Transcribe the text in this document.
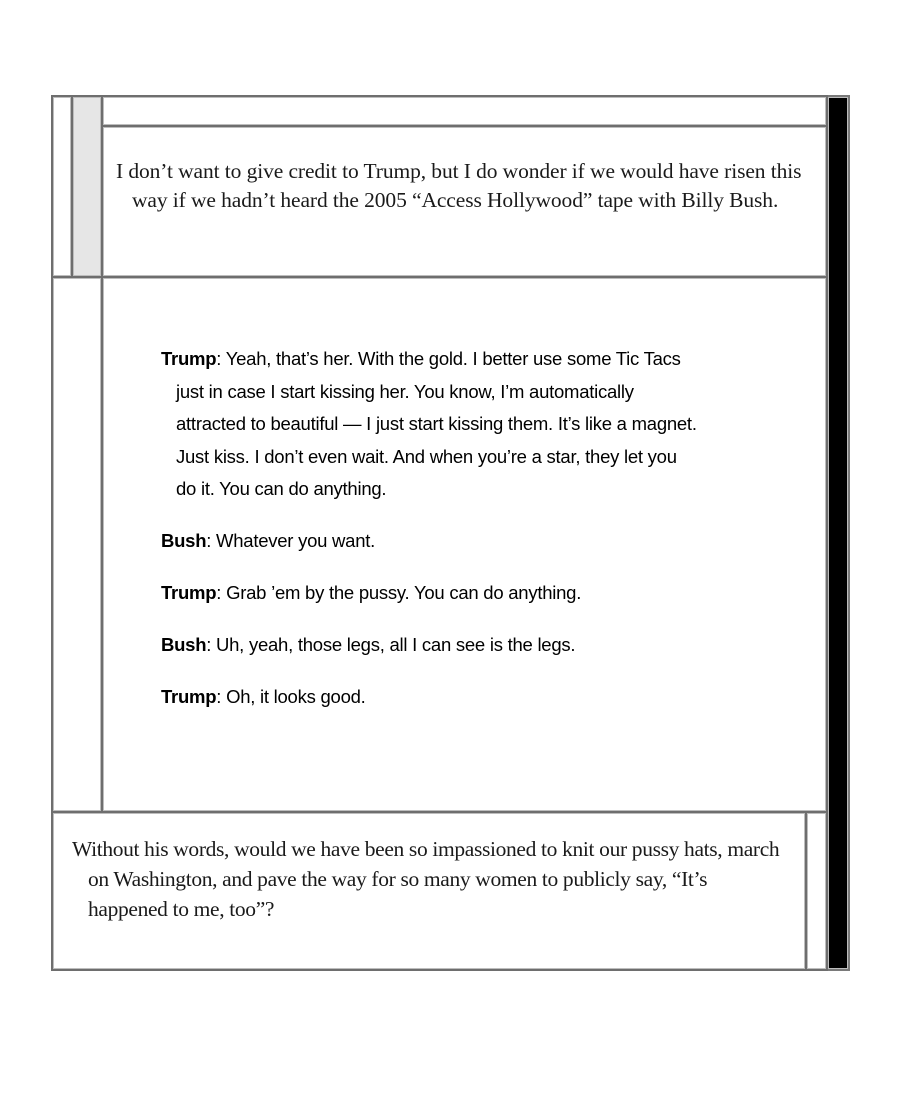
I don’t want to give credit to Trump, but I do wonder if we would have risen this way if we hadn’t heard the 2005 “Access Hollywood” tape with Billy Bush.

Trump: Yeah, that’s her. With the gold. I better use some Tic Tacs just in case I start kissing her. You know, I’m automatically attracted to beautiful — I just start kissing them. It’s like a magnet. Just kiss. I don’t even wait. And when you’re a star, they let you do it. You can do anything.

Bush: Whatever you want.

Trump: Grab ’em by the pussy. You can do anything.

Bush: Uh, yeah, those legs, all I can see is the legs.

Trump: Oh, it looks good.

Without his words, would we have been so impassioned to knit our pussy hats, march on Washington, and pave the way for so many women to publicly say, “It’s happened to me, too”?
